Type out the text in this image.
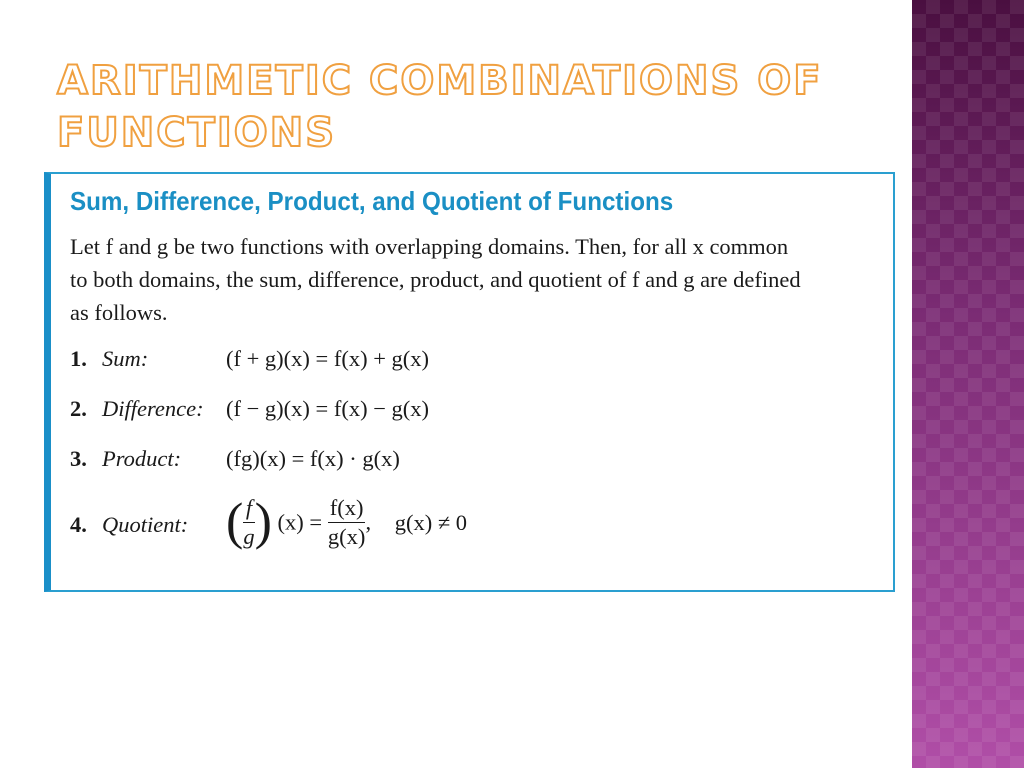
ARITHMETIC COMBINATIONS OF FUNCTIONS
Sum, Difference, Product, and Quotient of Functions

Let f and g be two functions with overlapping domains. Then, for all x common

to both domains, the sum, difference, product, and quotient of f and g are defined

as follows.

1. Sum:	(f + g)(x) = f(x) + g(x)
2. Difference: (f − g)(x) = f(x) − g(x)
3. Product: (fg)(x) = f(x) · g(x)
4. Quotient: ( $\frac{f}{g}$ ) $(x) = \frac{f(x)}{g(x)}$ , g(x) ≠ 0
